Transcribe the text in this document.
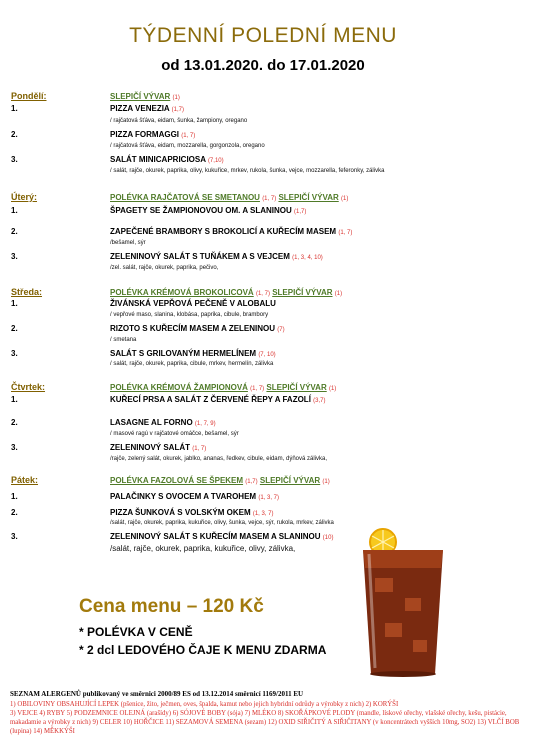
TÝDENNÍ POLEDNÍ MENU
od 13.01.2020. do 17.01.2020
Pondělí:	SLEPIČÍ VÝVAR (1)
1.	PIZZA VENEZIA (1,7)
/ rajčatová šťáva, eidam, šunka, žampiony, oregano
2.	PIZZA FORMAGGI (1, 7)
/ rajčatová šťáva, eidam, mozzarella, gorgonzola, oregano
3.	SALÁT MINICAPRICIOSA (7,10)
/ salát, rajče, okurek, paprika, olivy, kukuřice, mrkev, rukola, šunka, vejce, mozzarella, feferonky, zálivka
Úterý:	POLÉVKA RAJČATOVÁ SE SMETANOU (1, 7) SLEPIČÍ VÝVAR (1)
1.	ŠPAGETY SE ŽAMPIONOVOU OM. A SLANINOU (1,7)
2.	ZAPEČENÉ BRAMBORY S BROKOLICÍ A KUŘECÍM MASEM (1, 7)
/bešamel, sýr
3.	ZELENINOVÝ SALÁT S TUŇÁKEM A S VEJCEM (1, 3, 4, 10)
/zel. salát, rajče, okurek, paprika, pečivo,
Středa:	POLÉVKA KRÉMOVÁ BROKOLICOVÁ (1, 7) SLEPIČÍ VÝVAR (1)
1.	ŽIVÁNSKÁ VEPŘOVÁ PEČENĚ V ALOBALU
/ vepřové maso, slanina, klobása, paprika, cibule, brambory
2.	RIZOTO S KUŘECÍM MASEM A ZELENINOU (7)
/ smetana
3.	SALÁT S GRILOVANÝM HERMELÍNEM (7, 10)
/ salát, rajče, okurek, paprika, cibule, mrkev, hermelín, zálivka
Čtvrtek:	POLÉVKA KRÉMOVÁ ŽAMPIONOVÁ (1, 7) SLEPIČÍ VÝVAR (1)
1.	KUŘECÍ PRSA A SALÁT Z ČERVENÉ ŘEPY A FAZOLÍ (3,7)
2.	LASAGNE AL FORNO (1, 7, 9)
/ masové ragú v rajčatové omáčce, bešamel, sýr
3.	ZELENINOVÝ SALÁT (1, 7)
/rajče, zelený salát, okurek, jablko, ananas, ředkev, cibule, eidam, dýňová zálivka,
Pátek:	POLÉVKA FAZOLOVÁ SE ŠPEKEM (1,7) SLEPIČÍ VÝVAR (1)
1.	PALAČINKY S OVOCEM A TVAROHEM (1, 3, 7)
2.	PIZZA ŠUNKOVÁ S VOLSKÝM OKEM (1, 3, 7)
/salát, rajče, okurek, paprika, kukuřice, olivy, šunka, vejce, sýr, rukola, mrkev, zálivka
3.	ZELENINOVÝ SALÁT S KUŘECÍM MASEM A SLANINOU (10)
/salát, rajče, okurek, paprika, kukuřice, olivy, zálivka,
Cena menu – 120 Kč
* POLÉVKA V CENĚ
* 2 dcl LEDOVÉHO ČAJE K MENU ZDARMA
SEZNAM ALERGENŮ publikovaný ve směrnici 2000/89 ES od 13.12.2014 směrnicí 1169/2011 EU
1) OBILOVINY OBSAHUJÍCÍ LEPEK (pšenice, žito, ječmen, oves, špalda, kamut nebo jejich hybridní odrůdy a výrobky z nich) 2) KORÝŠI
3) VEJCE 4) RYBY 5) PODZEMNICE OLEJNÁ (arašídy) 6) SÓJOVÉ BOBY (sója) 7) MLÉKO 8) SKOŘÁPKOVÉ PLODY (mandle, lískové ořechy, vlašské ořechy, kešu, pistácie, makadamie a výrobky z nich) 9) CELER 10) HOŘČICE 11) SEZAMOVÁ SEMENA (sezam) 12) OXID SIŘIČITÝ A SIŘIČITANY (v koncentrátech vyšších 10mg, SO2) 13) VLČÍ BOB (lupina) 14) MĚKKÝŠI
